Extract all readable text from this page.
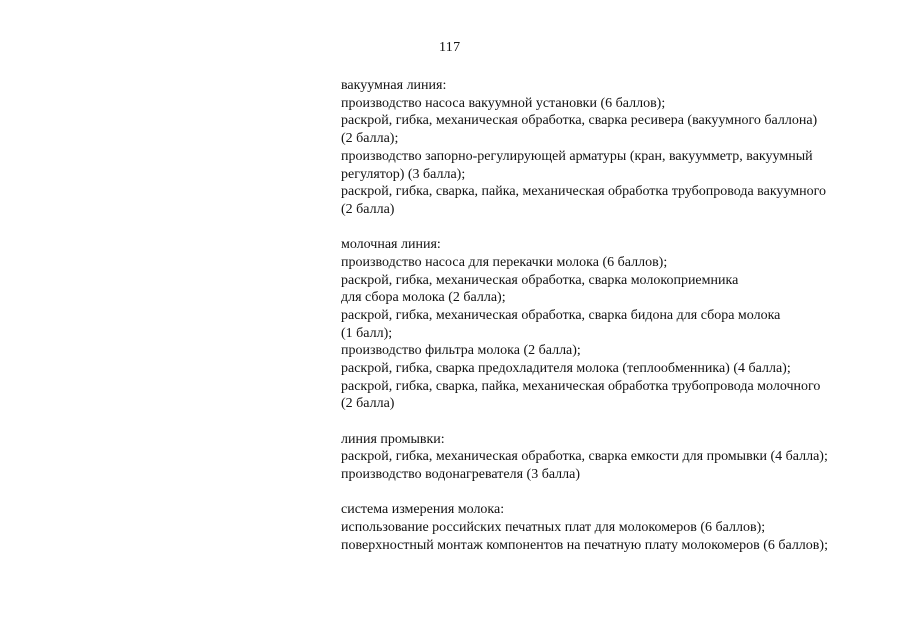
117
вакуумная линия:
производство насоса вакуумной установки (6 баллов);
раскрой, гибка, механическая обработка, сварка ресивера (вакуумного баллона)
(2 балла);
производство запорно-регулирующей арматуры (кран, вакуумметр, вакуумный
регулятор) (3 балла);
раскрой, гибка, сварка, пайка, механическая обработка трубопровода вакуумного
(2 балла)
молочная линия:
производство насоса для перекачки молока (6 баллов);
раскрой, гибка, механическая обработка, сварка молокоприемника
для сбора молока (2 балла);
раскрой, гибка, механическая обработка, сварка бидона для сбора молока
(1 балл);
производство фильтра молока (2 балла);
раскрой, гибка, сварка предохладителя молока (теплообменника) (4 балла);
раскрой, гибка, сварка, пайка, механическая обработка трубопровода молочного
(2 балла)
линия промывки:
раскрой, гибка, механическая обработка, сварка емкости для промывки (4 балла);
производство водонагревателя (3 балла)
система измерения молока:
использование российских печатных плат для молокомеров (6 баллов);
поверхностный монтаж компонентов на печатную плату молокомеров (6 баллов);
